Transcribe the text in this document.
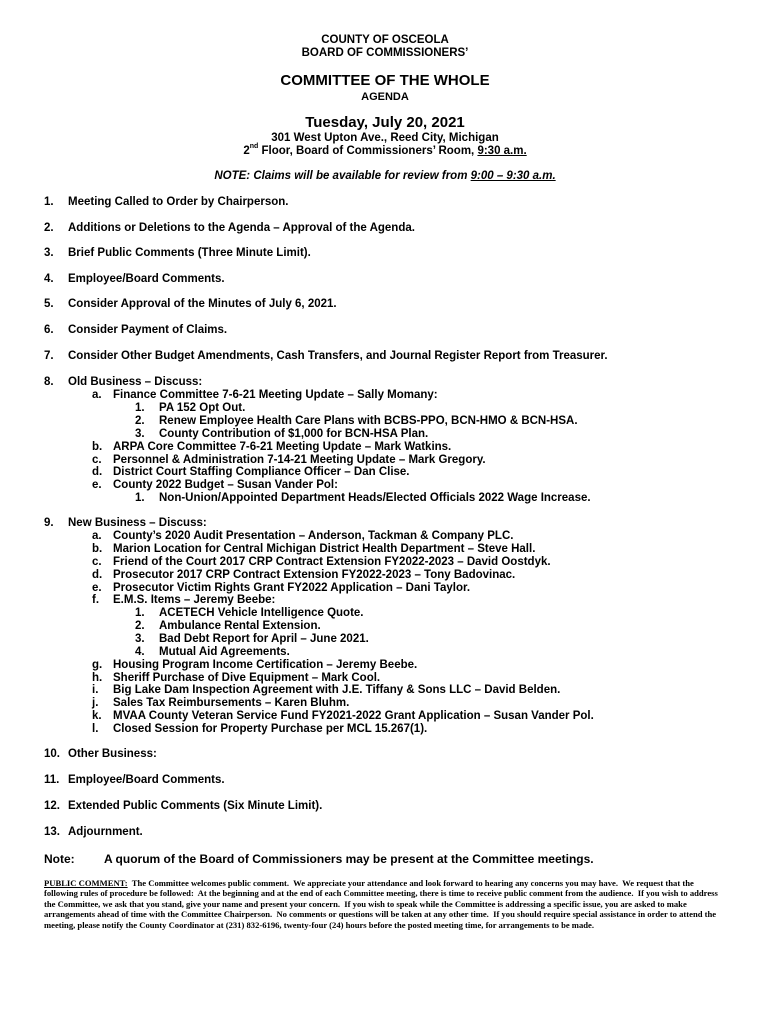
COUNTY OF OSCEOLA
BOARD OF COMMISSIONERS’
COMMITTEE OF THE WHOLE
AGENDA
Tuesday, July 20, 2021
301 West Upton Ave., Reed City, Michigan
2nd Floor, Board of Commissioners’ Room, 9:30 a.m.
NOTE: Claims will be available for review from 9:00 – 9:30 a.m.
1. Meeting Called to Order by Chairperson.
2. Additions or Deletions to the Agenda – Approval of the Agenda.
3. Brief Public Comments (Three Minute Limit).
4. Employee/Board Comments.
5. Consider Approval of the Minutes of July 6, 2021.
6. Consider Payment of Claims.
7. Consider Other Budget Amendments, Cash Transfers, and Journal Register Report from Treasurer.
8. Old Business – Discuss:
a. Finance Committee 7-6-21 Meeting Update – Sally Momany:
1. PA 152 Opt Out.
2. Renew Employee Health Care Plans with BCBS-PPO, BCN-HMO & BCN-HSA.
3. County Contribution of $1,000 for BCN-HSA Plan.
b. ARPA Core Committee 7-6-21 Meeting Update – Mark Watkins.
c. Personnel & Administration 7-14-21 Meeting Update – Mark Gregory.
d. District Court Staffing Compliance Officer – Dan Clise.
e. County 2022 Budget – Susan Vander Pol:
1. Non-Union/Appointed Department Heads/Elected Officials 2022 Wage Increase.
9. New Business – Discuss:
a. County’s 2020 Audit Presentation – Anderson, Tackman & Company PLC.
b. Marion Location for Central Michigan District Health Department – Steve Hall.
c. Friend of the Court 2017 CRP Contract Extension FY2022-2023 – David Oostdyk.
d. Prosecutor 2017 CRP Contract Extension FY2022-2023 – Tony Badovinac.
e. Prosecutor Victim Rights Grant FY2022 Application – Dani Taylor.
f. E.M.S. Items – Jeremy Beebe:
1. ACETECH Vehicle Intelligence Quote.
2. Ambulance Rental Extension.
3. Bad Debt Report for April – June 2021.
4. Mutual Aid Agreements.
g. Housing Program Income Certification – Jeremy Beebe.
h. Sheriff Purchase of Dive Equipment – Mark Cool.
i. Big Lake Dam Inspection Agreement with J.E. Tiffany & Sons LLC – David Belden.
j. Sales Tax Reimbursements – Karen Bluhm.
k. MVAA County Veteran Service Fund FY2021-2022 Grant Application – Susan Vander Pol.
l. Closed Session for Property Purchase per MCL 15.267(1).
10. Other Business:
11. Employee/Board Comments.
12. Extended Public Comments (Six Minute Limit).
13. Adjournment.
Note: A quorum of the Board of Commissioners may be present at the Committee meetings.
PUBLIC COMMENT:  The Committee welcomes public comment.  We appreciate your attendance and look forward to hearing any concerns you may have.  We request that the following rules of procedure be followed:  At the beginning and at the end of each Committee meeting, there is time to receive public comment from the audience.  If you wish to address the Committee, we ask that you stand, give your name and present your concern.  If you wish to speak while the Committee is addressing a specific issue, you are asked to make arrangements ahead of time with the Committee Chairperson.  No comments or questions will be taken at any other time.  If you should require special assistance in order to attend the meeting, please notify the County Coordinator at (231) 832-6196, twenty-four (24) hours before the posted meeting time, for arrangements to be made.
